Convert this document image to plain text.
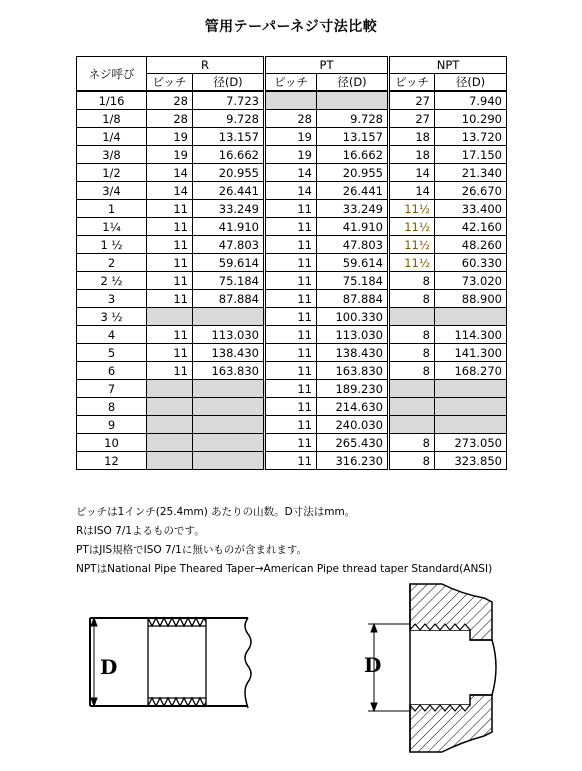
管用テーパーネジ寸法比較
ネジ呼び	R		PT		NPT	
	ピッチ	径(D)	ピッチ	径(D)	ピッチ	径(D)
1/16	28	7.723			27	7.940
1/8	28	9.728	28	9.728	27	10.290
1/4	19	13.157	19	13.157	18	13.720
3/8	19	16.662	19	16.662	18	17.150
1/2	14	20.955	14	20.955	14	21.340
3/4	14	26.441	14	26.441	14	26.670
1	11	33.249	11	33.249	11½	33.400
1¼	11	41.910	11	41.910	11½	42.160
1 ½	11	47.803	11	47.803	11½	48.260
2	11	59.614	11	59.614	11½	60.330
2 ½	11	75.184	11	75.184	8	73.020
3	11	87.884	11	87.884	8	88.900
3 ½			11	100.330		
4	11	113.030	11	113.030	8	114.300
5	11	138.430	11	138.430	8	141.300
6	11	163.830	11	163.830	8	168.270
7			11	189.230		
8			11	214.630		
9			11	240.030		
10			11	265.430	8	273.050
12			11	316.230	8	323.850
ピッチは1インチ(25.4mm) あたりの山数。D寸法はmm。
RはISO 7/1よるものです。
PTはJIS規格でISO 7/1に無いものが含まれます。
NPTはNational Pipe Theared Taper→American Pipe thread taper Standard(ANSI)
D	D
